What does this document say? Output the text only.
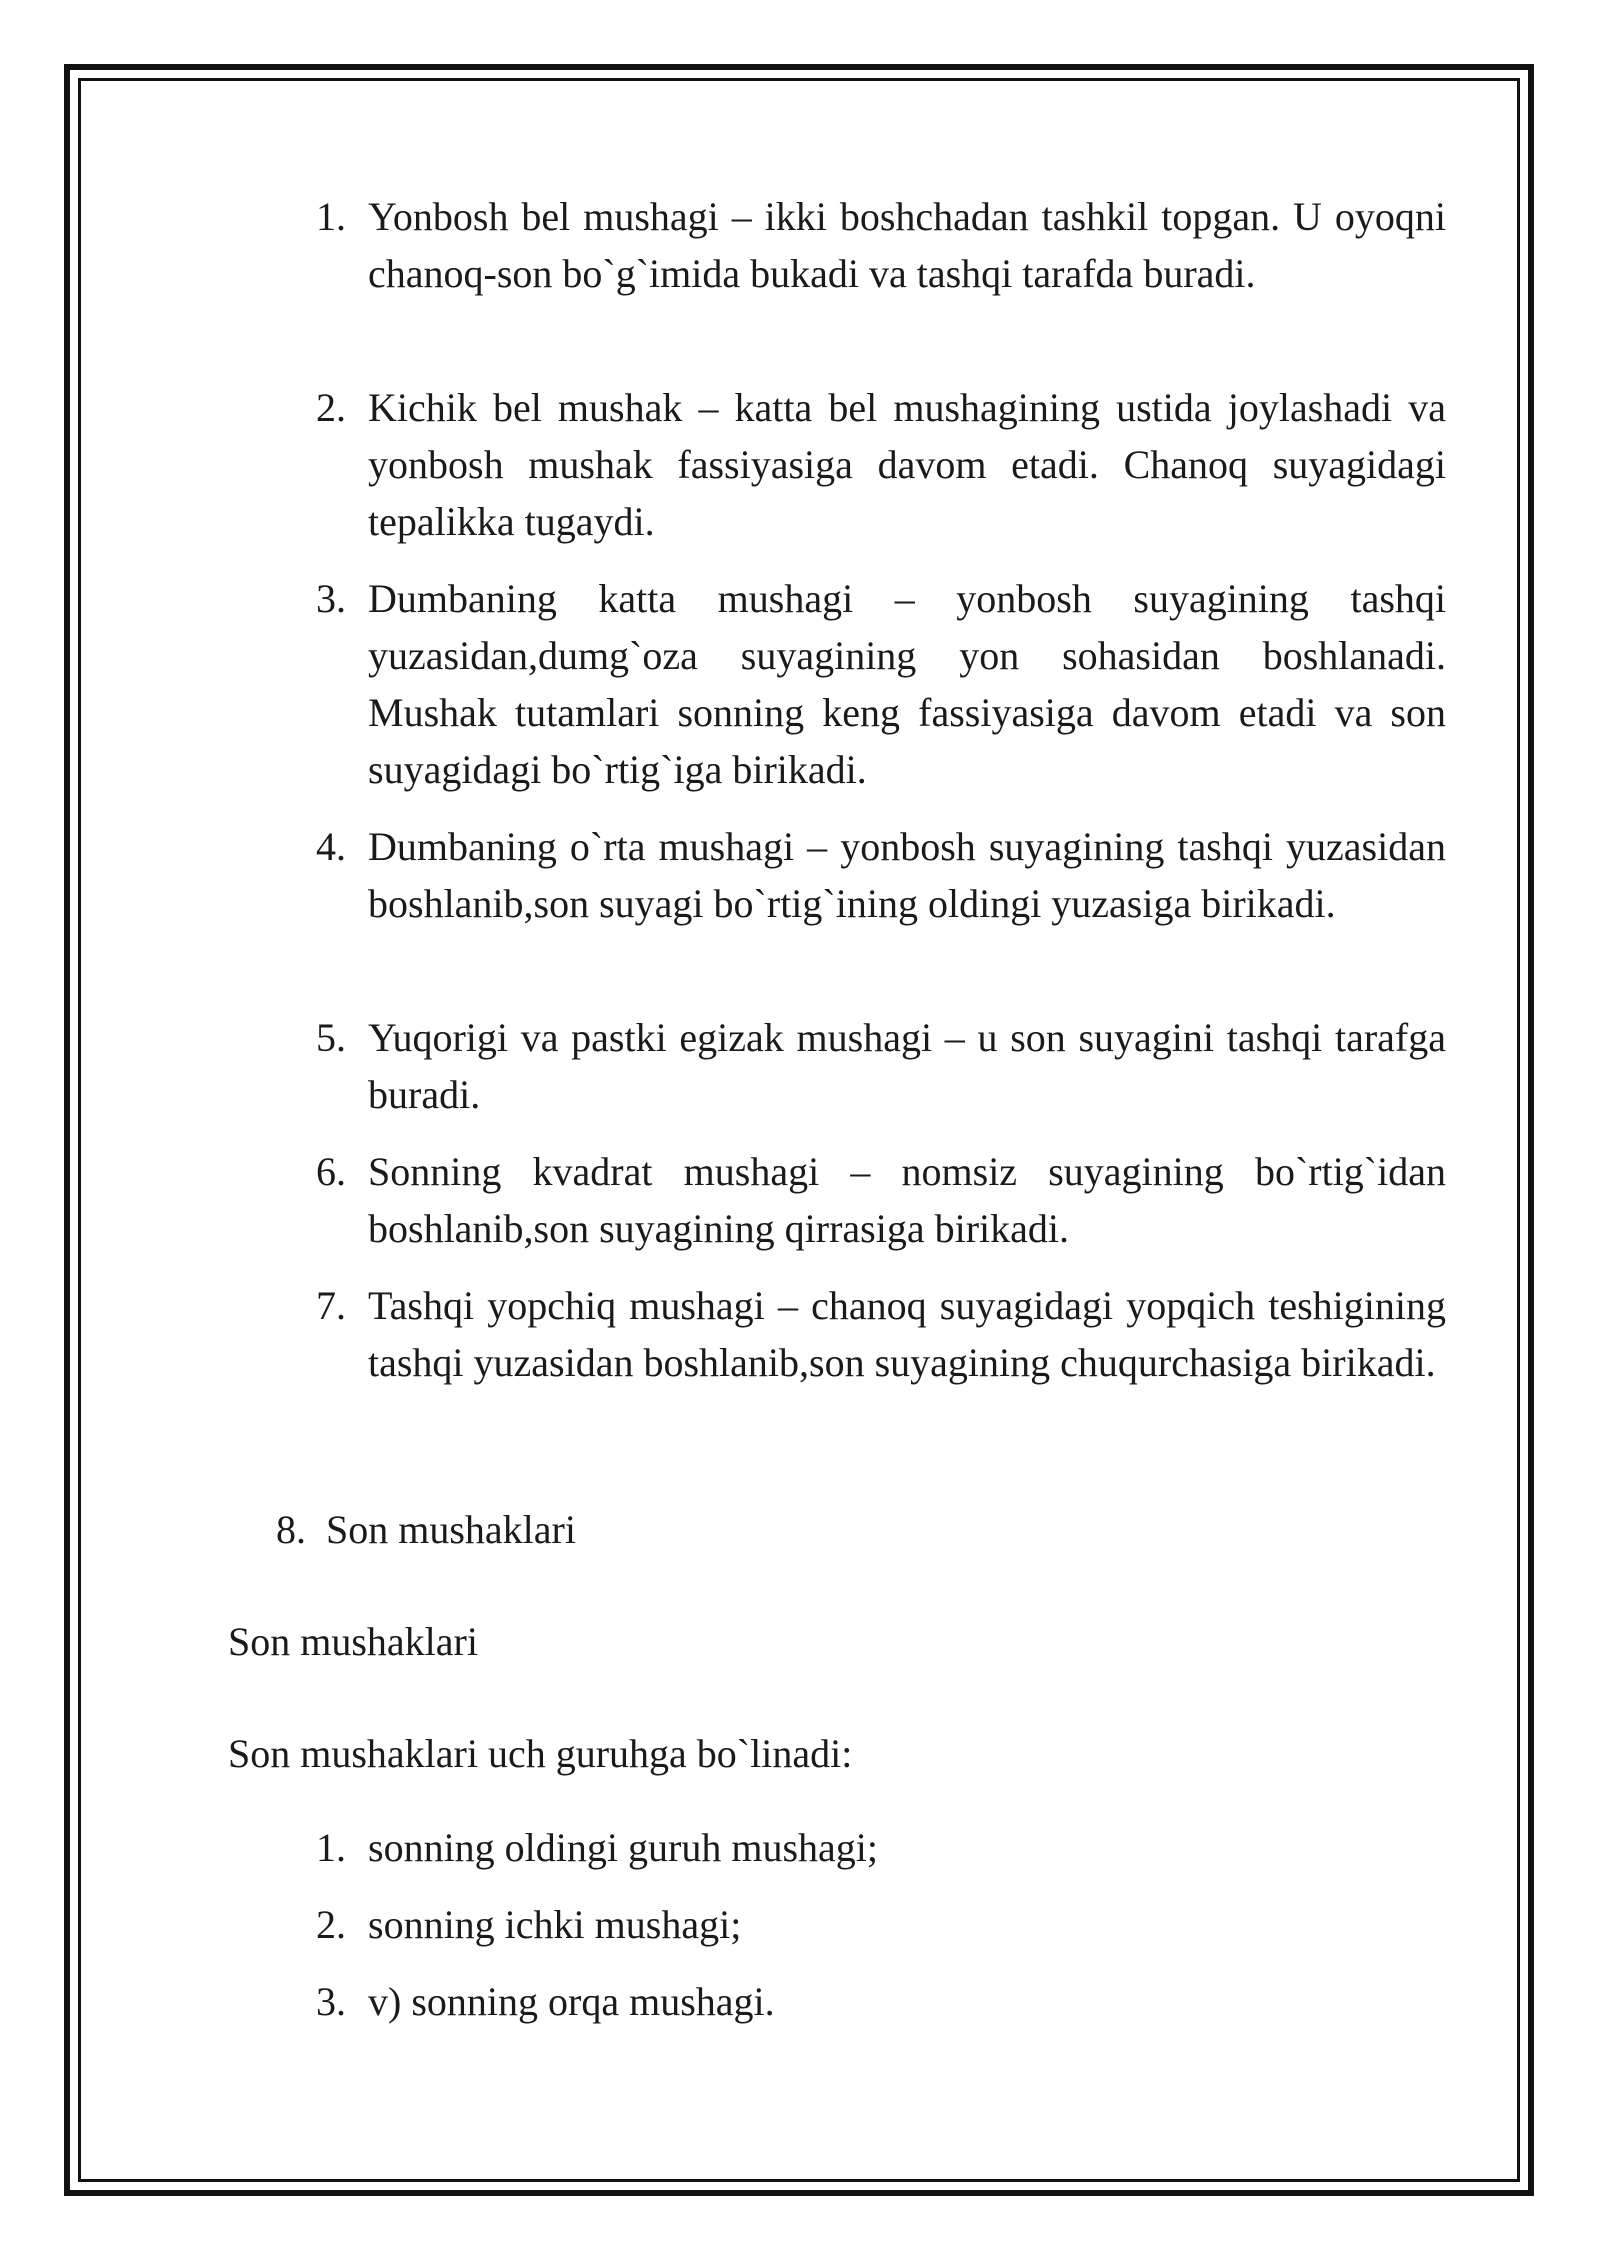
1. Yonbosh bel mushagi – ikki boshchadan tashkil topgan. U oyoqni chanoq-son bo`g`imida bukadi va tashqi tarafda buradi.
2. Kichik bel mushak – katta bel mushagining ustida joylashadi va yonbosh mushak fassiyasiga davom etadi. Chanoq suyagidagi tepalikka tugaydi.
3. Dumbaning katta mushagi – yonbosh suyagining tashqi yuzasidan,dumg`oza suyagining yon sohasidan boshlanadi. Mushak tutamlari sonning keng fassiyasiga davom etadi va son suyagidagi bo`rtig`iga birikadi.
4. Dumbaning o`rta mushagi – yonbosh suyagining tashqi yuzasidan boshlanib,son suyagi bo`rtig`ining oldingi yuzasiga birikadi.
5. Yuqorigi va pastki egizak mushagi – u son suyagini tashqi tarafga buradi.
6. Sonning kvadrat mushagi – nomsiz suyagining bo`rtig`idan boshlanib,son suyagining qirrasiga birikadi.
7. Tashqi yopchiq mushagi – chanoq suyagidagi yopqich teshigining tashqi yuzasidan boshlanib,son suyagining chuqurchasiga birikadi.
8. Son mushaklari
Son mushaklari
Son mushaklari uch guruhga bo`linadi:
1. sonning oldingi guruh mushagi;
2. sonning ichki mushagi;
3. v) sonning orqa mushagi.
